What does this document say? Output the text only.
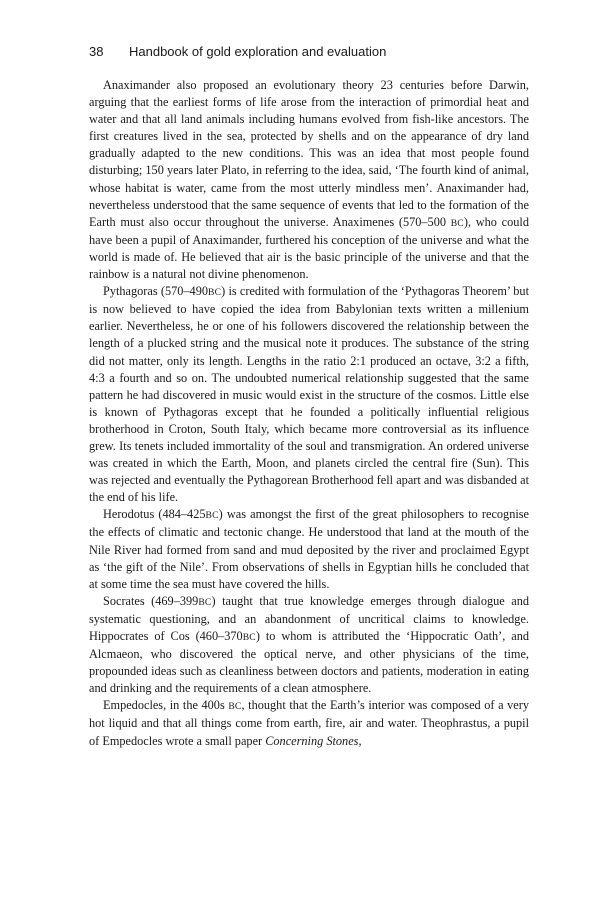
38 Handbook of gold exploration and evaluation

Anaximander also proposed an evolutionary theory 23 centuries before Darwin, arguing that the earliest forms of life arose from the interaction of primordial heat and water and that all land animals including humans evolved from fish-like ancestors. The first creatures lived in the sea, protected by shells and on the appearance of dry land gradually adapted to the new conditions. This was an idea that most people found disturbing; 150 years later Plato, in referring to the idea, said, ‘The fourth kind of animal, whose habitat is water, came from the most utterly mindless men’. Anaximander had, nevertheless understood that the same sequence of events that led to the formation of the Earth must also occur throughout the universe. Anaximenes (570–500 BC), who could have been a pupil of Anaximander, furthered his conception of the universe and what the world is made of. He believed that air is the basic principle of the universe and that the rainbow is a natural not divine phenomenon.

Pythagoras (570–490BC) is credited with formulation of the ‘Pythagoras Theorem’ but is now believed to have copied the idea from Babylonian texts written a millenium earlier. Nevertheless, he or one of his followers discovered the relationship between the length of a plucked string and the musical note it produces. The substance of the string did not matter, only its length. Lengths in the ratio 2:1 produced an octave, 3:2 a fifth, 4:3 a fourth and so on. The undoubted numerical relationship suggested that the same pattern he had discovered in music would exist in the structure of the cosmos. Little else is known of Pythagoras except that he founded a politically influential religious brotherhood in Croton, South Italy, which became more controversial as its influence grew. Its tenets included immortality of the soul and transmigration. An ordered universe was created in which the Earth, Moon, and planets circled the central fire (Sun). This was rejected and eventually the Pythagorean Brotherhood fell apart and was disbanded at the end of his life.

Herodotus (484–425BC) was amongst the first of the great philosophers to recognise the effects of climatic and tectonic change. He understood that land at the mouth of the Nile River had formed from sand and mud deposited by the river and proclaimed Egypt as ‘the gift of the Nile’. From observations of shells in Egyptian hills he concluded that at some time the sea must have covered the hills.

Socrates (469–399BC) taught that true knowledge emerges through dialogue and systematic questioning, and an abandonment of uncritical claims to knowledge. Hippocrates of Cos (460–370BC) to whom is attributed the ‘Hippocratic Oath’, and Alcmaeon, who discovered the optical nerve, and other physicians of the time, propounded ideas such as cleanliness between doctors and patients, moderation in eating and drinking and the requirements of a clean atmosphere.

Empedocles, in the 400s BC, thought that the Earth’s interior was composed of a very hot liquid and that all things come from earth, fire, air and water. Theophrastus, a pupil of Empedocles wrote a small paper Concerning Stones,
